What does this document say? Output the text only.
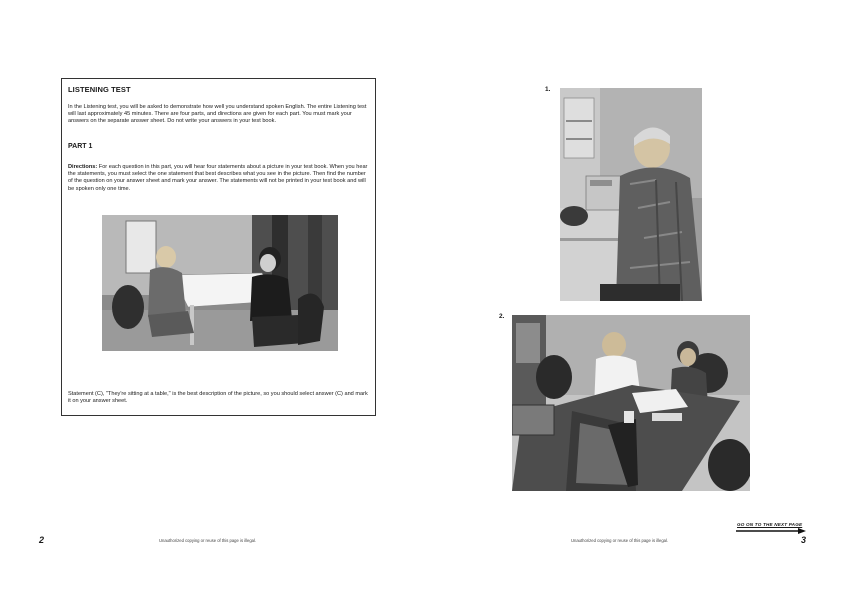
LISTENING TEST
In the Listening test, you will be asked to demonstrate how well you understand spoken English. The entire Listening test will last approximately 45 minutes. There are four parts, and directions are given for each part. You must mark your answers on the separate answer sheet. Do not write your answers in your test book.
PART 1
Directions: For each question in this part, you will hear four statements about a picture in your test book. When you hear the statements, you must select the one statement that best describes what you see in the picture. Then find the number of the question on your answer sheet and mark your answer. The statements will not be printed in your test book and will be spoken only one time.
Statement (C), "They're sitting at a table," is the best description of the picture, so you should select answer (C) and mark it on your answer sheet.
2	Unauthorized copying or reuse of this page is illegal.
1.
2.
GO ON TO THE NEXT PAGE
3
Unauthorized copying or reuse of this page is illegal.
